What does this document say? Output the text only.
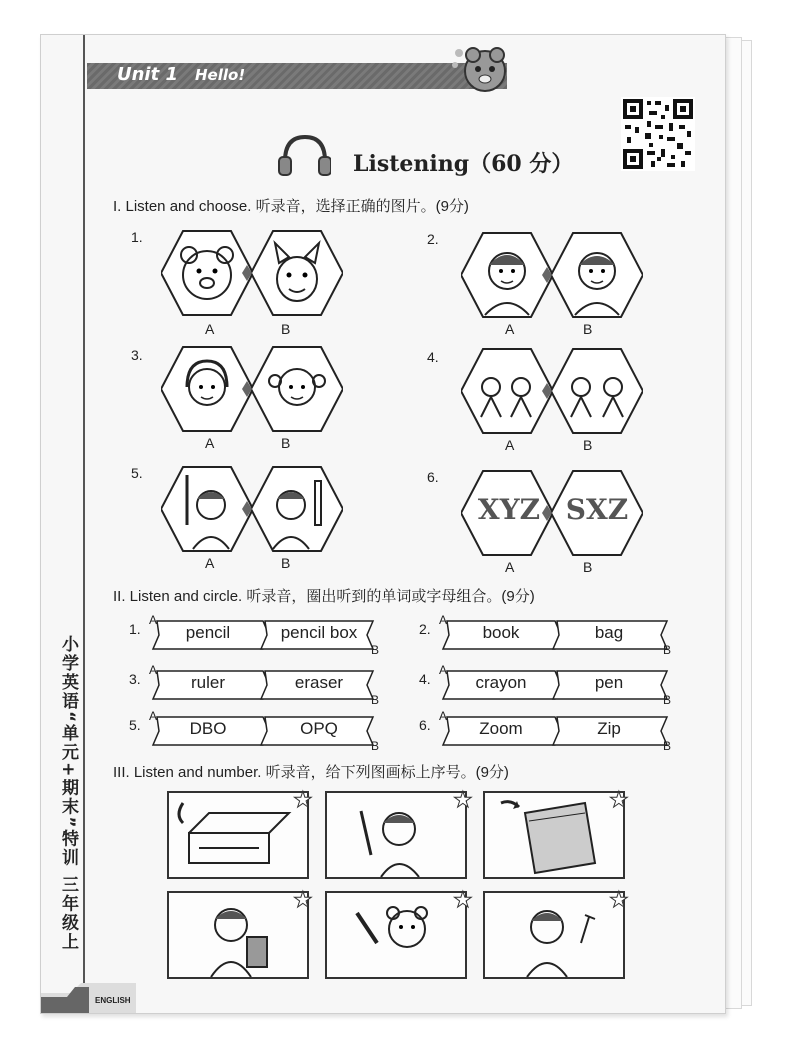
小学英语“单元+期末”特训 三年级上
Unit 1 Hello!
Listening（60 分）
I. Listen and choose. 听录音，选择正确的图片。(9分)
1.
A	B
2.
A	B
3.
A	B
4.
A	B
5.
A	B
6.
XYZ SXZ
A	B
II. Listen and circle. 听录音，圈出听到的单词或字母组合。(9分)
1.
A
pencil	pencil box
B
2.
A
book	bag
B
3.
A
ruler	eraser
B
4.
A
crayon	pen
B
5.
A
DBO	OPQ
B
6.
A
Zoom	Zip
B
III. Listen and number. 听录音，给下列图画标上序号。(9分)
★	★	★
★	★	★
ENGLISH
